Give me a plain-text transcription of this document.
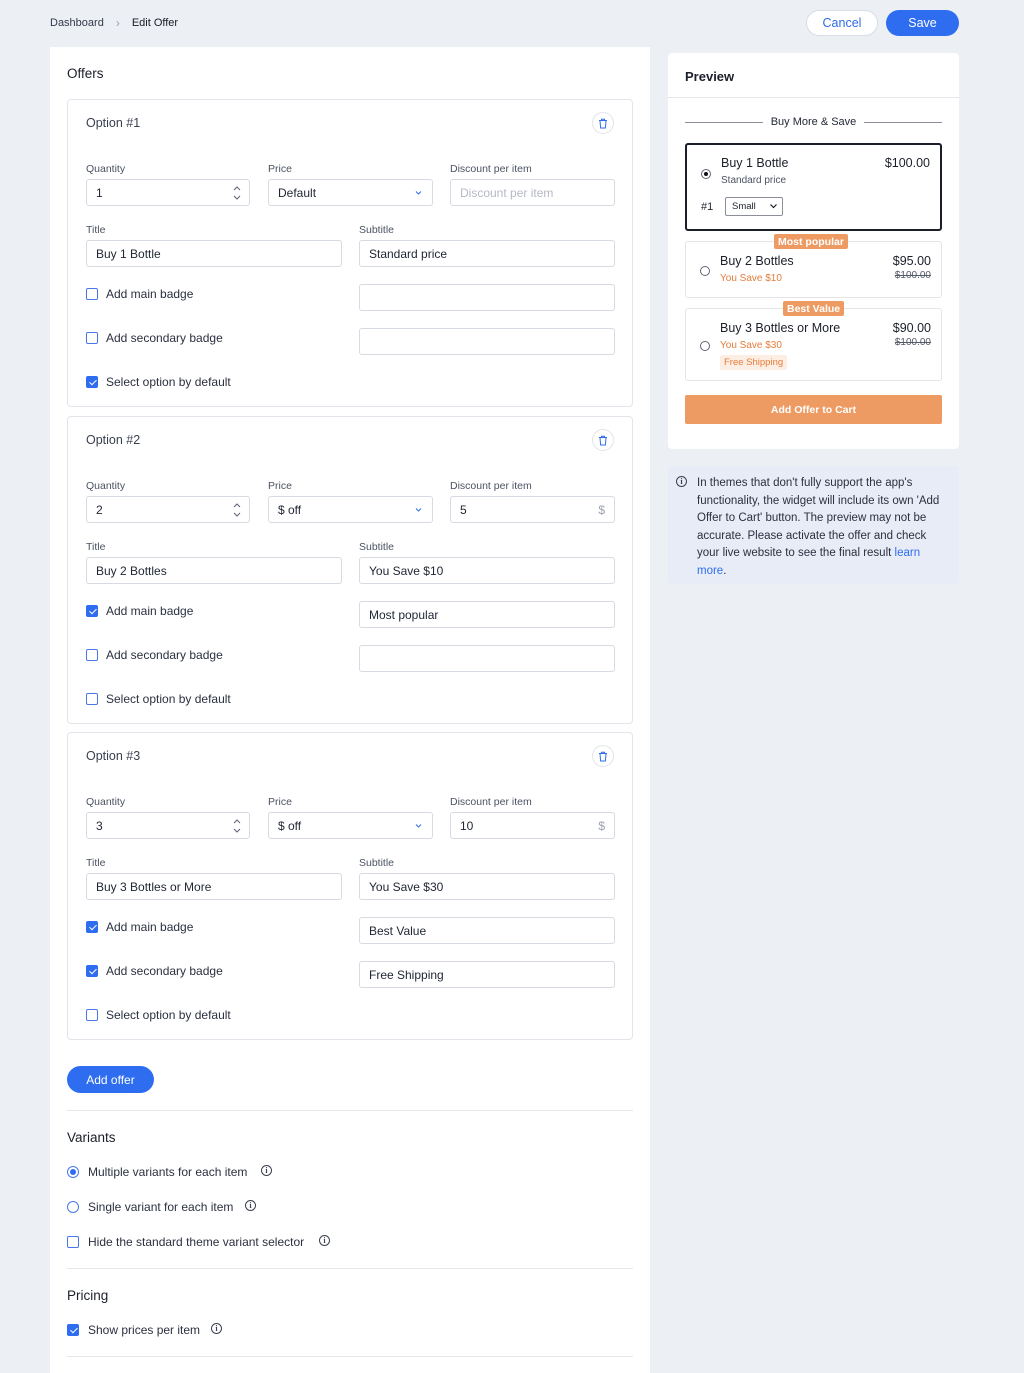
Dashboard › Edit Offer	Cancel	Save
Offers
Option #1
Quantity
1
Price
Default
Discount per item
Discount per item
Title
Buy 1 Bottle
Subtitle
Standard price
Add main badge
Add secondary badge
Select option by default
Option #2
Quantity
2
Price
$ off
Discount per item
5	$
Title
Buy 2 Bottles
Subtitle
You Save $10
Add main badge	Most popular
Add secondary badge
Select option by default
Option #3
Quantity
3
Price
$ off
Discount per item
10	$
Title
Buy 3 Bottles or More
Subtitle
You Save $30
Add main badge	Best Value
Add secondary badge	Free Shipping
Select option by default
Add offer
Variants
Multiple variants for each item	i
Single variant for each item	i
Hide the standard theme variant selector	i
Pricing
Show prices per item	i
Preview
Buy More & Save
Buy 1 Bottle
Standard price
$100.00
#1 Small
Most popular
Buy 2 Bottles
You Save $10
$95.00
$100.00
Best Value
Buy 3 Bottles or More
You Save $30
Free Shipping
$90.00
$100.00
Add Offer to Cart
i	In themes that don't fully support the app's functionality, the widget will include its own 'Add Offer to Cart' button. The preview may not be accurate. Please activate the offer and check your live website to see the final result learn more.
